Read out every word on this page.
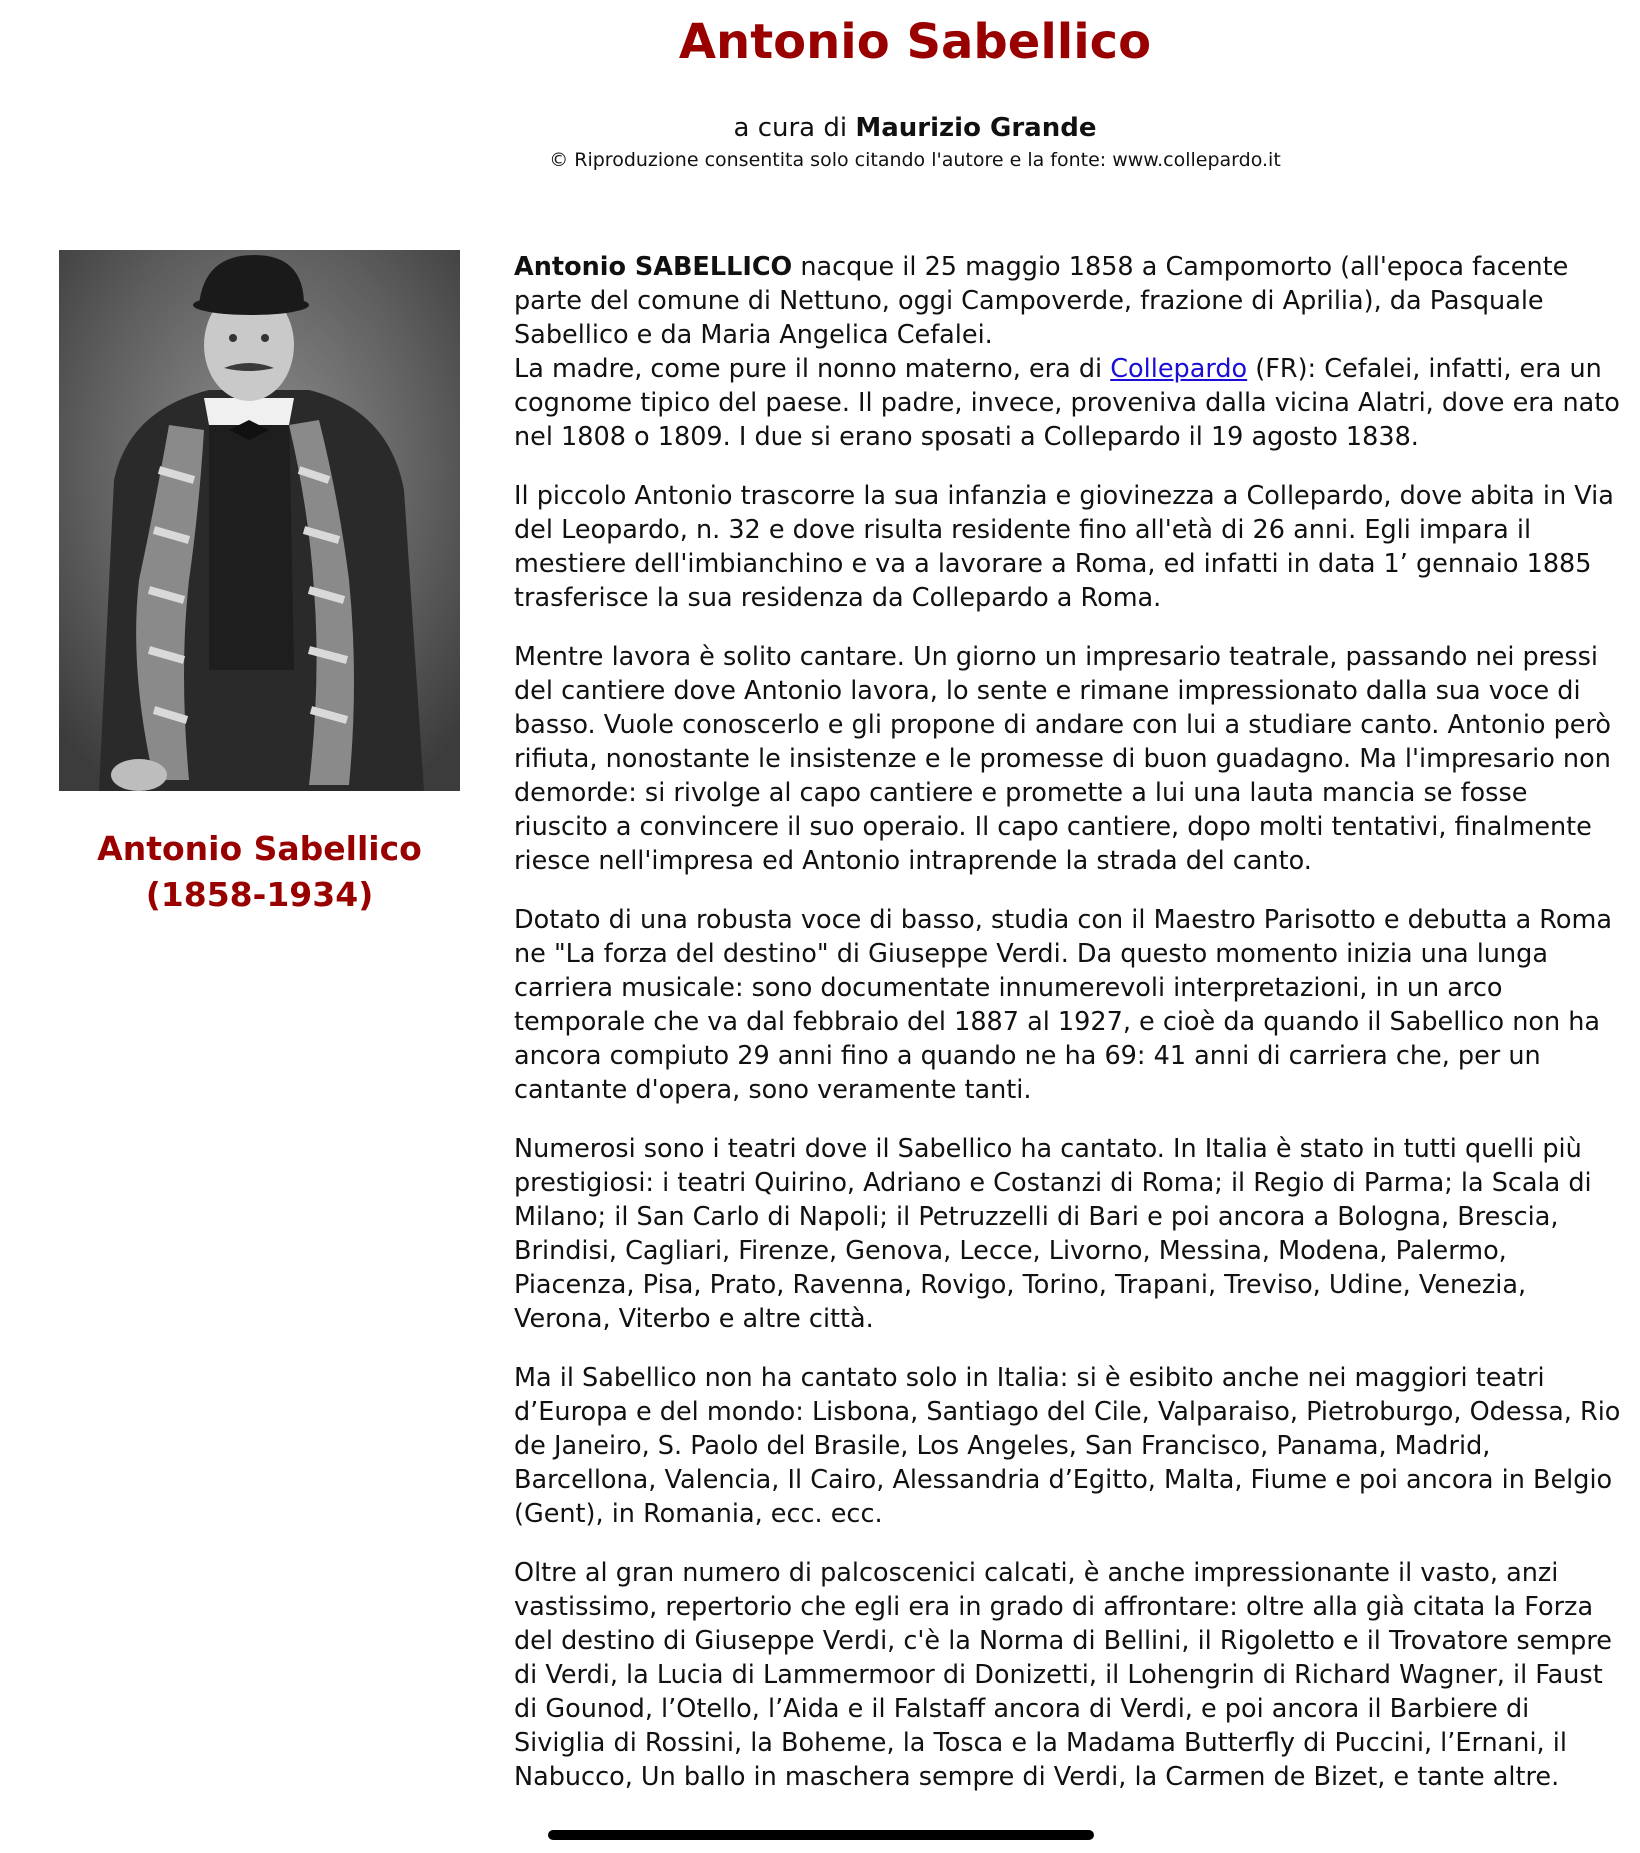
Antonio Sabellico
a cura di Maurizio Grande
© Riproduzione consentita solo citando l'autore e la fonte: www.collepardo.it
Antonio Sabellico
(1858-1934)

Antonio SABELLICO nacque il 25 maggio 1858 a Campomorto (all'epoca facente parte del comune di Nettuno, oggi Campoverde, frazione di Aprilia), da Pasquale Sabellico e da Maria Angelica Cefalei.
La madre, come pure il nonno materno, era di Collepardo (FR): Cefalei, infatti, era un cognome tipico del paese. Il padre, invece, proveniva dalla vicina Alatri, dove era nato nel 1808 o 1809. I due si erano sposati a Collepardo il 19 agosto 1838.

Il piccolo Antonio trascorre la sua infanzia e giovinezza a Collepardo, dove abita in Via del Leopardo, n. 32 e dove risulta residente fino all'età di 26 anni. Egli impara il mestiere dell'imbianchino e va a lavorare a Roma, ed infatti in data 1’ gennaio 1885 trasferisce la sua residenza da Collepardo a Roma.

Mentre lavora è solito cantare. Un giorno un impresario teatrale, passando nei pressi del cantiere dove Antonio lavora, lo sente e rimane impressionato dalla sua voce di basso. Vuole conoscerlo e gli propone di andare con lui a studiare canto. Antonio però rifiuta, nonostante le insistenze e le promesse di buon guadagno. Ma l'impresario non demorde: si rivolge al capo cantiere e promette a lui una lauta mancia se fosse riuscito a convincere il suo operaio. Il capo cantiere, dopo molti tentativi, finalmente riesce nell'impresa ed Antonio intraprende la strada del canto.

Dotato di una robusta voce di basso, studia con il Maestro Parisotto e debutta a Roma ne "La forza del destino" di Giuseppe Verdi. Da questo momento inizia una lunga carriera musicale: sono documentate innumerevoli interpretazioni, in un arco temporale che va dal febbraio del 1887 al 1927, e cioè da quando il Sabellico non ha ancora compiuto 29 anni fino a quando ne ha 69: 41 anni di carriera che, per un cantante d'opera, sono veramente tanti.

Numerosi sono i teatri dove il Sabellico ha cantato. In Italia è stato in tutti quelli più prestigiosi: i teatri Quirino, Adriano e Costanzi di Roma; il Regio di Parma; la Scala di Milano; il San Carlo di Napoli; il Petruzzelli di Bari e poi ancora a Bologna, Brescia, Brindisi, Cagliari, Firenze, Genova, Lecce, Livorno, Messina, Modena, Palermo, Piacenza, Pisa, Prato, Ravenna, Rovigo, Torino, Trapani, Treviso, Udine, Venezia, Verona, Viterbo e altre città.

Ma il Sabellico non ha cantato solo in Italia: si è esibito anche nei maggiori teatri d’Europa e del mondo: Lisbona, Santiago del Cile, Valparaiso, Pietroburgo, Odessa, Rio de Janeiro, S. Paolo del Brasile, Los Angeles, San Francisco, Panama, Madrid, Barcellona, Valencia, Il Cairo, Alessandria d’Egitto, Malta, Fiume e poi ancora in Belgio (Gent), in Romania, ecc. ecc.

Oltre al gran numero di palcoscenici calcati, è anche impressionante il vasto, anzi vastissimo, repertorio che egli era in grado di affrontare: oltre alla già citata la Forza del destino di Giuseppe Verdi, c'è la Norma di Bellini, il Rigoletto e il Trovatore sempre di Verdi, la Lucia di Lammermoor di Donizetti, il Lohengrin di Richard Wagner, il Faust di Gounod, l’Otello, l’Aida e il Falstaff ancora di Verdi, e poi ancora il Barbiere di Siviglia di Rossini, la Boheme, la Tosca e la Madama Butterfly di Puccini, l’Ernani, il Nabucco, Un ballo in maschera sempre di Verdi, la Carmen de Bizet, e tante altre.
